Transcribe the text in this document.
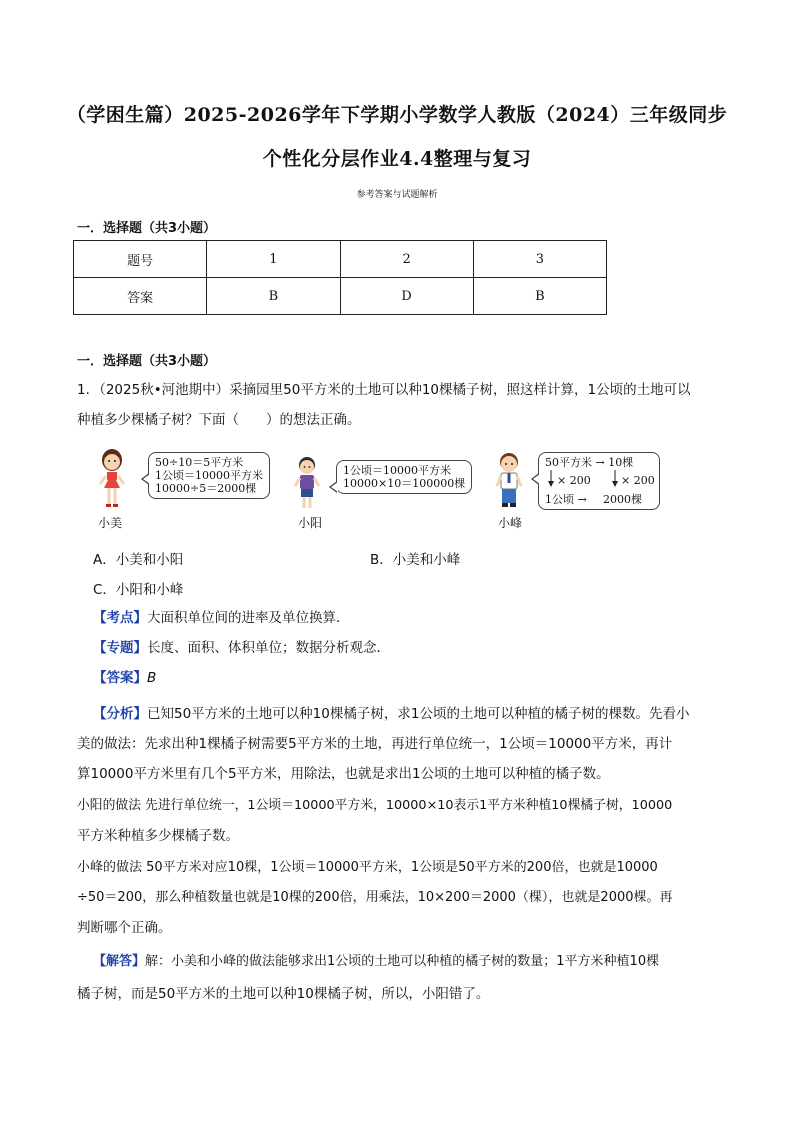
（学困生篇）2025-2026学年下学期小学数学人教版（2024）三年级同步
个性化分层作业4.4整理与复习
参考答案与试题解析
一．选择题（共3小题）
题号	1	2	3
答案	B	D	B
一．选择题（共3小题）
1．（2025秋•河池期中）采摘园里50平方米的土地可以种10棵橘子树，照这样计算，1公顷的土地可以
种植多少棵橘子树？下面（　　）的想法正确。
小美
50÷10＝5平方米
1公顷＝10000平方米
10000÷5＝2000棵
小阳
1公顷＝10000平方米
10000×10＝100000棵
小峰
50平方米 → 10棵
× 200	× 200
1公顷 → 2000棵
A．小美和小阳	B．小美和小峰
C．小阳和小峰
【考点】大面积单位间的进率及单位换算．
【专题】长度、面积、体积单位；数据分析观念．
【答案】B
【分析】已知50平方米的土地可以种10棵橘子树，求1公顷的土地可以种植的橘子树的棵数。先看小
美的做法：先求出种1棵橘子树需要5平方米的土地，再进行单位统一，1公顷＝10000平方米，再计
算10000平方米里有几个5平方米，用除法，也就是求出1公顷的土地可以种植的橘子数。
小阳的做法 先进行单位统一，1公顷＝10000平方米，10000×10表示1平方米种植10棵橘子树，10000
平方米种植多少棵橘子数。
小峰的做法 50平方米对应10棵，1公顷＝10000平方米，1公顷是50平方米的200倍，也就是10000
÷50＝200，那么种植数量也就是10棵的200倍，用乘法，10×200＝2000（棵），也就是2000棵。再
判断哪个正确。
【解答】解：小美和小峰的做法能够求出1公顷的土地可以种植的橘子树的数量；1平方米种植10棵
橘子树，而是50平方米的土地可以种10棵橘子树，所以，小阳错了。
